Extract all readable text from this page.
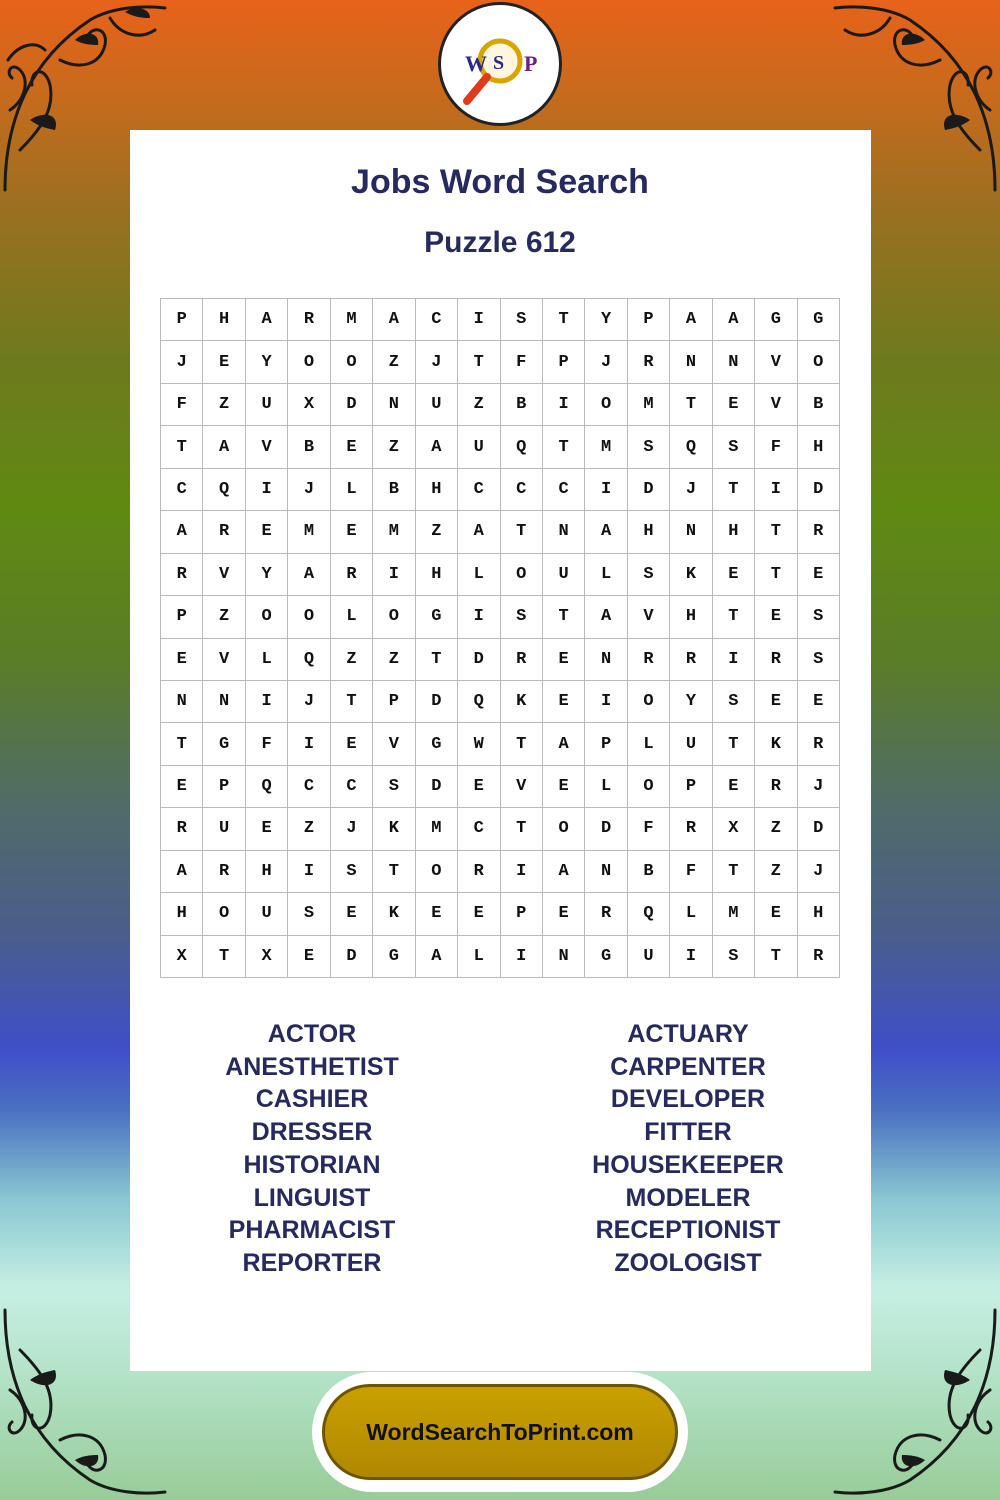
W S P
Jobs Word Search
Puzzle 612
P	H	A	R	M	A	C	I	S	T	Y	P	A	A	G	G
J	E	Y	O	O	Z	J	T	F	P	J	R	N	N	V	O
F	Z	U	X	D	N	U	Z	B	I	O	M	T	E	V	B
T	A	V	B	E	Z	A	U	Q	T	M	S	Q	S	F	H
C	Q	I	J	L	B	H	C	C	C	I	D	J	T	I	D
A	R	E	M	E	M	Z	A	T	N	A	H	N	H	T	R
R	V	Y	A	R	I	H	L	O	U	L	S	K	E	T	E
P	Z	O	O	L	O	G	I	S	T	A	V	H	T	E	S
E	V	L	Q	Z	Z	T	D	R	E	N	R	R	I	R	S
N	N	I	J	T	P	D	Q	K	E	I	O	Y	S	E	E
T	G	F	I	E	V	G	W	T	A	P	L	U	T	K	R
E	P	Q	C	C	S	D	E	V	E	L	O	P	E	R	J
R	U	E	Z	J	K	M	C	T	O	D	F	R	X	Z	D
A	R	H	I	S	T	O	R	I	A	N	B	F	T	Z	J
H	O	U	S	E	K	E	E	P	E	R	Q	L	M	E	H
X	T	X	E	D	G	A	L	I	N	G	U	I	S	T	R
ACTOR
ANESTHETIST
CASHIER
DRESSER
HISTORIAN
LINGUIST
PHARMACIST
REPORTER
ACTUARY
CARPENTER
DEVELOPER
FITTER
HOUSEKEEPER
MODELER
RECEPTIONIST
ZOOLOGIST
WordSearchToPrint.com
